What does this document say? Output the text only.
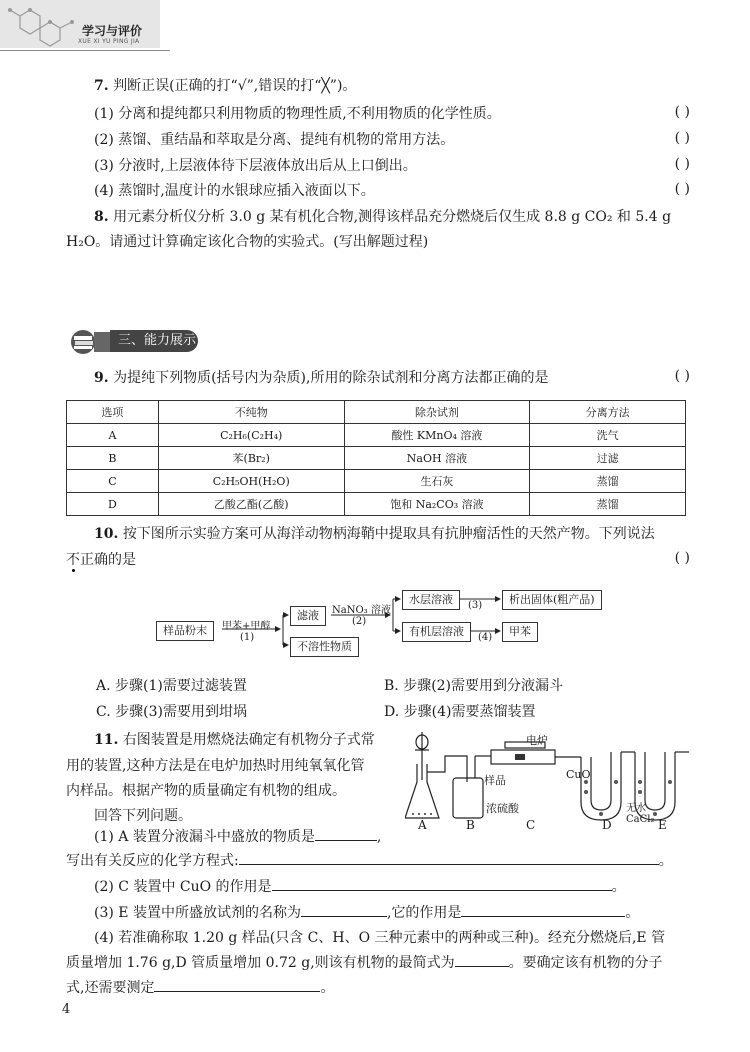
学习与评价
XUE XI YU PING JIA
7. 判断正误(正确的打“√”,错误的打“╳”)。
(1) 分离和提纯都只利用物质的物理性质,不利用物质的化学性质。	( )
(2) 蒸馏、重结晶和萃取是分离、提纯有机物的常用方法。	( )
(3) 分液时,上层液体待下层液体放出后从上口倒出。	( )
(4) 蒸馏时,温度计的水银球应插入液面以下。	( )
8. 用元素分析仪分析 3.0 g 某有机化合物,测得该样品充分燃烧后仅生成 8.8 g CO₂ 和 5.4 g
H₂O。请通过计算确定该化合物的实验式。(写出解题过程)
三、能力展示
9. 为提纯下列物质(括号内为杂质),所用的除杂试剂和分离方法都正确的是	( )
选项	不纯物	除杂试剂	分离方法
A	C₂H₆(C₂H₄)	酸性 KMnO₄ 溶液	洗气
B	苯(Br₂)	NaOH 溶液	过滤
C	C₂H₅OH(H₂O)	生石灰	蒸馏
D	乙酸乙酯(乙酸)	饱和 Na₂CO₃ 溶液	蒸馏
10. 按下图所示实验方案可从海洋动物柄海鞘中提取具有抗肿瘤活性的天然产物。下列说法
不
正确的是	( )
样品粉末	甲苯+甲醇
(1)
滤液
不溶性物质
NaNO₃ 溶液
(2)
水层溶液
有机层溶液
(3)
(4)
析出固体(粗产品)
甲苯
A. 步骤(1)需要过滤装置	B. 步骤(2)需要用到分液漏斗
C. 步骤(3)需要用到坩埚	D. 步骤(4)需要蒸馏装置
11. 右图装置是用燃烧法确定有机物分子式常
用的装置,这种方法是在电炉加热时用纯氧氧化管
内样品。根据产物的质量确定有机物的组成。
回答下列问题。
电炉
样品	CuO
浓硫酸	无水
CaCl₂
A	B	C	D	E
(1) A 装置分液漏斗中盛放的物质是	,
写出有关反应的化学方程式:	。
(2) C 装置中 CuO 的作用是	。
(3) E 装置中所盛放试剂的名称为	,它的作用是	。
(4) 若准确称取 1.20 g 样品(只含 C、H、O 三种元素中的两种或三种)。经充分燃烧后,E 管
质量增加 1.76 g,D 管质量增加 0.72 g,则该有机物的最简式为	。要确定该有机物的分子
式,还需要测定	。
4
